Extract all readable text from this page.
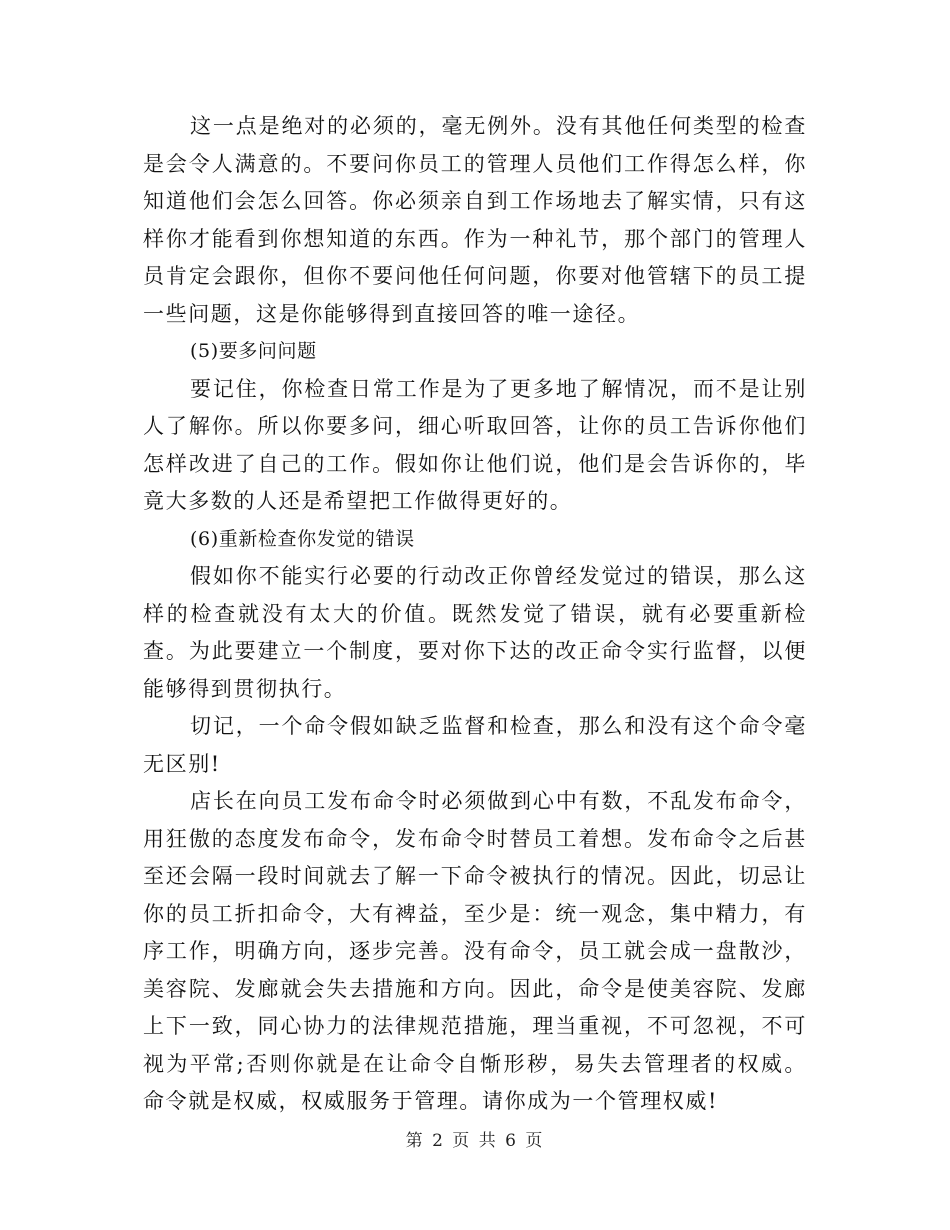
这一点是绝对的必须的，毫无例外。没有其他任何类型的检查是会令人满意的。不要问你员工的管理人员他们工作得怎么样，你知道他们会怎么回答。你必须亲自到工作场地去了解实情，只有这样你才能看到你想知道的东西。作为一种礼节，那个部门的管理人员肯定会跟你，但你不要问他任何问题，你要对他管辖下的员工提一些问题，这是你能够得到直接回答的唯一途径。

(5)要多问问题

要记住，你检查日常工作是为了更多地了解情况，而不是让别人了解你。所以你要多问，细心听取回答，让你的员工告诉你他们怎样改进了自己的工作。假如你让他们说，他们是会告诉你的，毕竟大多数的人还是希望把工作做得更好的。

(6)重新检查你发觉的错误

假如你不能实行必要的行动改正你曾经发觉过的错误，那么这样的检查就没有太大的价值。既然发觉了错误，就有必要重新检查。为此要建立一个制度，要对你下达的改正命令实行监督，以便能够得到贯彻执行。

切记，一个命令假如缺乏监督和检查，那么和没有这个命令毫无区别!

店长在向员工发布命令时必须做到心中有数，不乱发布命令，用狂傲的态度发布命令，发布命令时替员工着想。发布命令之后甚至还会隔一段时间就去了解一下命令被执行的情况。因此，切忌让你的员工折扣命令，大有裨益，至少是：统一观念，集中精力，有序工作，明确方向，逐步完善。没有命令，员工就会成一盘散沙，美容院、发廊就会失去措施和方向。因此，命令是使美容院、发廊上下一致，同心协力的法律规范措施，理当重视，不可忽视，不可视为平常;否则你就是在让命令自惭形秽，易失去管理者的权威。命令就是权威，权威服务于管理。请你成为一个管理权威!

第 2 页 共 6 页
